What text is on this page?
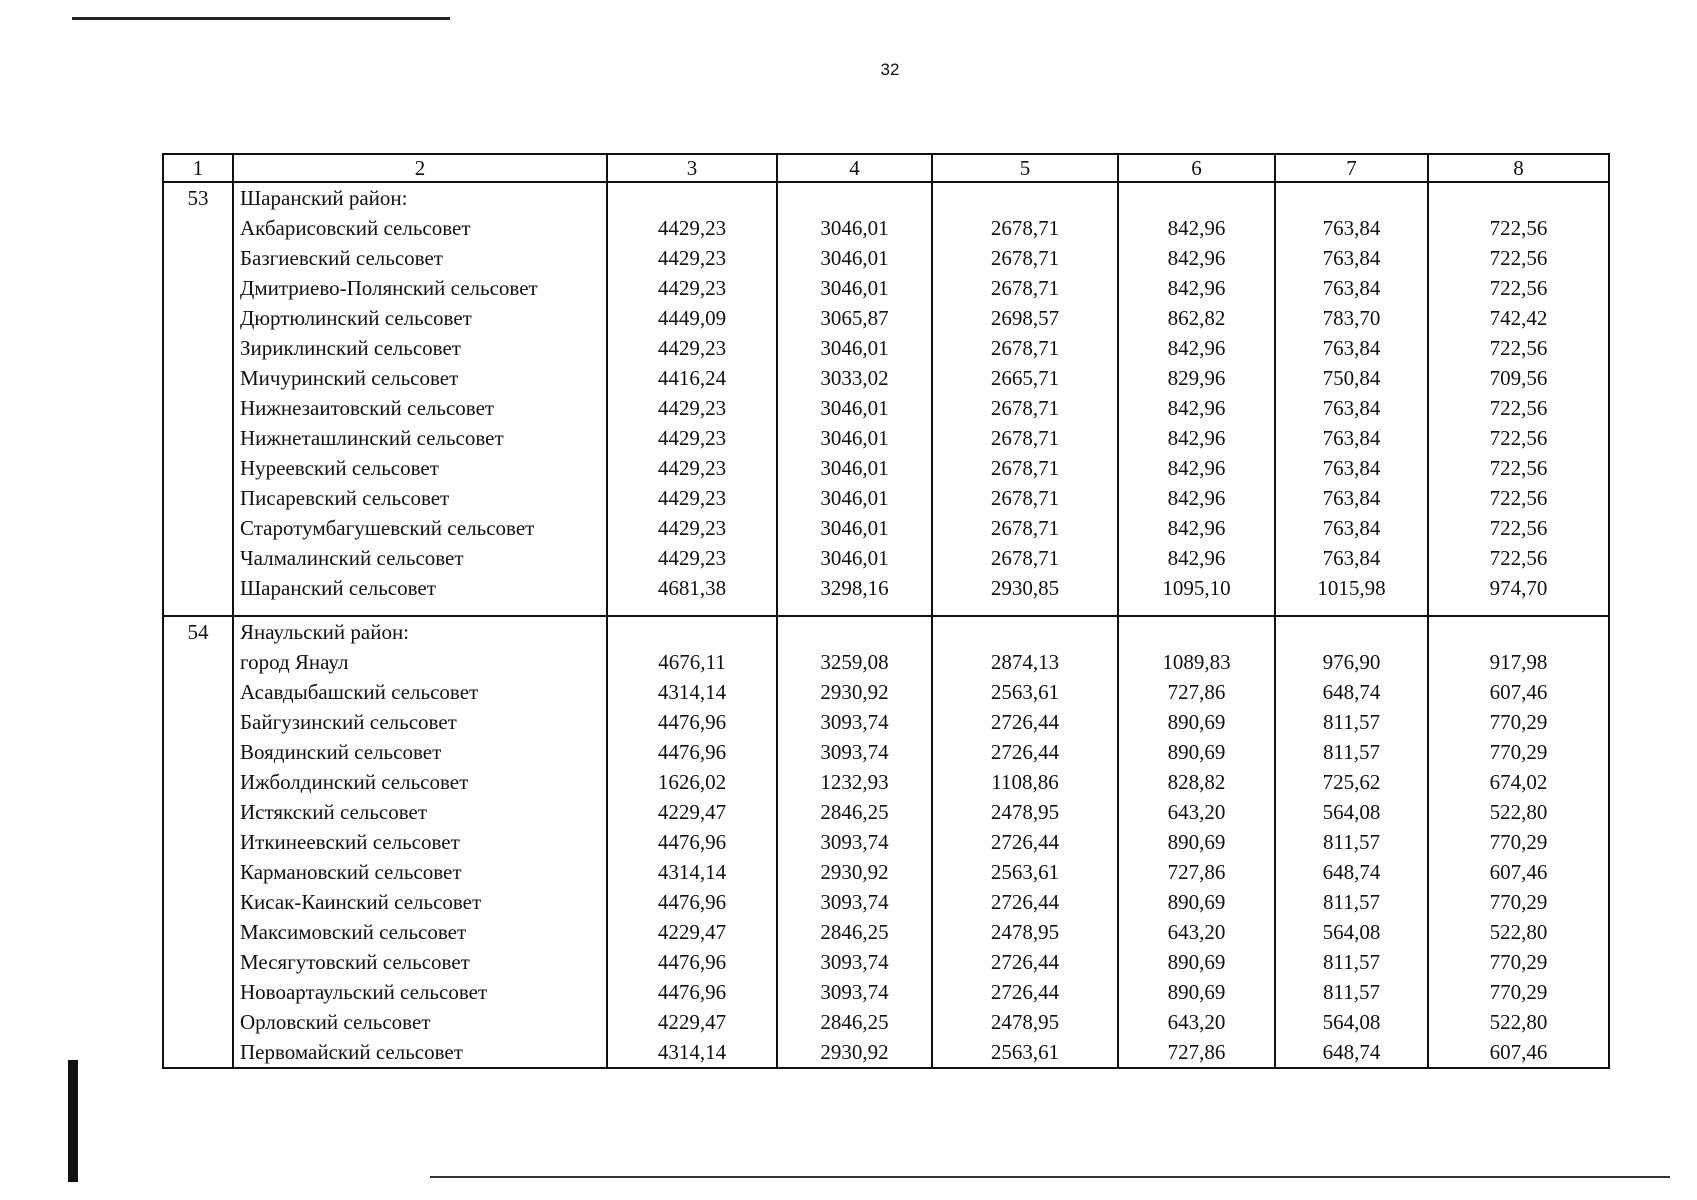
32
1	2	3	4	5	6	7	8
53	Шаранский район:						
	Акбарисовский сельсовет	4429,23	3046,01	2678,71	842,96	763,84	722,56
	Базгиевский сельсовет	4429,23	3046,01	2678,71	842,96	763,84	722,56
	Дмитриево-Полянский сельсовет	4429,23	3046,01	2678,71	842,96	763,84	722,56
	Дюртюлинский сельсовет	4449,09	3065,87	2698,57	862,82	783,70	742,42
	Зириклинский сельсовет	4429,23	3046,01	2678,71	842,96	763,84	722,56
	Мичуринский сельсовет	4416,24	3033,02	2665,71	829,96	750,84	709,56
	Нижнезаитовский сельсовет	4429,23	3046,01	2678,71	842,96	763,84	722,56
	Нижнеташлинский сельсовет	4429,23	3046,01	2678,71	842,96	763,84	722,56
	Нуреевский сельсовет	4429,23	3046,01	2678,71	842,96	763,84	722,56
	Писаревский сельсовет	4429,23	3046,01	2678,71	842,96	763,84	722,56
	Старотумбагушевский сельсовет	4429,23	3046,01	2678,71	842,96	763,84	722,56
	Чалмалинский сельсовет	4429,23	3046,01	2678,71	842,96	763,84	722,56
	Шаранский сельсовет	4681,38	3298,16	2930,85	1095,10	1015,98	974,70

54	Янаульский район:						
	город Янаул	4676,11	3259,08	2874,13	1089,83	976,90	917,98
	Асавдыбашский сельсовет	4314,14	2930,92	2563,61	727,86	648,74	607,46
	Байгузинский сельсовет	4476,96	3093,74	2726,44	890,69	811,57	770,29
	Воядинский сельсовет	4476,96	3093,74	2726,44	890,69	811,57	770,29
	Ижболдинский сельсовет	1626,02	1232,93	1108,86	828,82	725,62	674,02
	Истякский сельсовет	4229,47	2846,25	2478,95	643,20	564,08	522,80
	Иткинеевский сельсовет	4476,96	3093,74	2726,44	890,69	811,57	770,29
	Кармановский сельсовет	4314,14	2930,92	2563,61	727,86	648,74	607,46
	Кисак-Каинский сельсовет	4476,96	3093,74	2726,44	890,69	811,57	770,29
	Максимовский сельсовет	4229,47	2846,25	2478,95	643,20	564,08	522,80
	Месягутовский сельсовет	4476,96	3093,74	2726,44	890,69	811,57	770,29
	Новоартаульский сельсовет	4476,96	3093,74	2726,44	890,69	811,57	770,29
	Орловский сельсовет	4229,47	2846,25	2478,95	643,20	564,08	522,80
	Первомайский сельсовет	4314,14	2930,92	2563,61	727,86	648,74	607,46
